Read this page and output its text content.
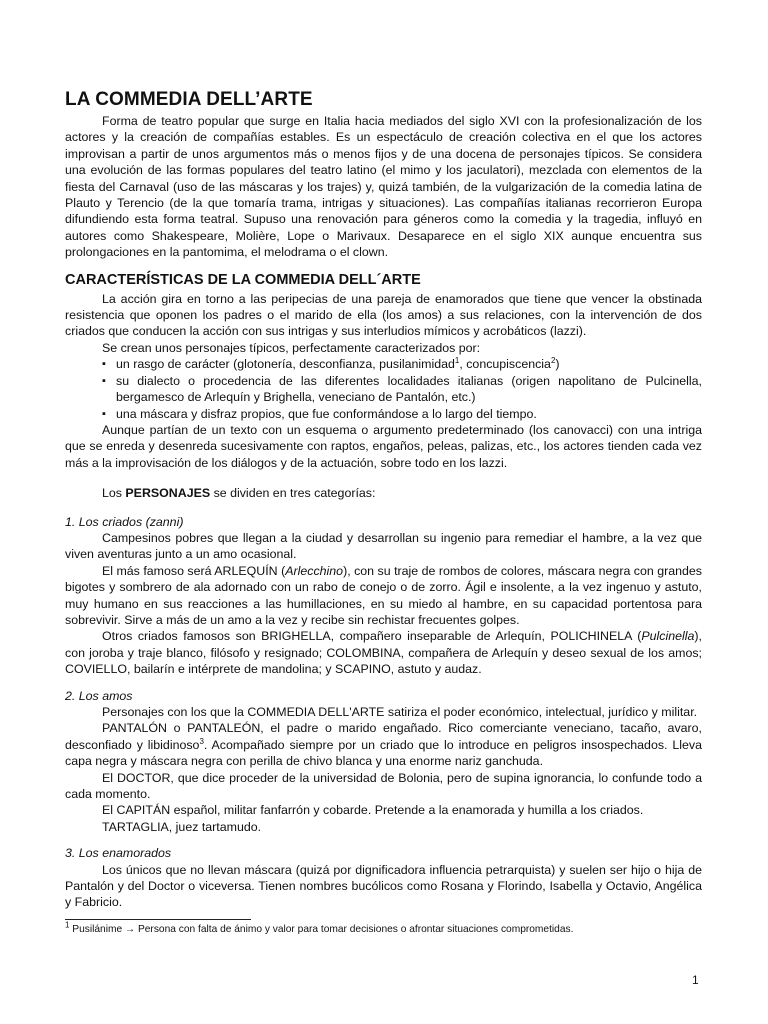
LA COMMEDIA DELL’ARTE

Forma de teatro popular que surge en Italia hacia mediados del siglo XVI con la profesionalización de los actores y la creación de compañías estables. Es un espectáculo de creación colectiva en el que los actores improvisan a partir de unos argumentos más o menos fijos y de una docena de personajes típicos. Se considera una evolución de las formas populares del teatro latino (el mimo y los jaculatori), mezclada con elementos de la fiesta del Carnaval (uso de las máscaras y los trajes) y, quizá también, de la vulgarización de la comedia latina de Plauto y Terencio (de la que tomaría trama, intrigas y situaciones). Las compañías italianas recorrieron Europa difundiendo esta forma teatral. Supuso una renovación para géneros como la comedia y la tragedia, influyó en autores como Shakespeare, Molière, Lope o Marivaux. Desaparece en el siglo XIX aunque encuentra sus prolongaciones en la pantomima, el melodrama o el clown.

CARACTERÍSTICAS DE LA COMMEDIA DELL´ARTE

La acción gira en torno a las peripecias de una pareja de enamorados que tiene que vencer la obstinada resistencia que oponen los padres o el marido de ella (los amos) a sus relaciones, con la intervención de dos criados que conducen la acción con sus intrigas y sus interludios mímicos y acrobáticos (lazzi).

Se crean unos personajes típicos, perfectamente caracterizados por:

▪ un rasgo de carácter (glotonería, desconfianza, pusilanimidad$^1$, concupiscencia$^2$)
▪ su dialecto o procedencia de las diferentes localidades italianas (origen napolitano de Pulcinella, bergamesco de Arlequín y Brighella, veneciano de Pantalón, etc.)
▪ una máscara y disfraz propios, que fue conformándose a lo largo del tiempo.

Aunque partían de un texto con un esquema o argumento predeterminado (los canovacci) con una intriga que se enreda y desenreda sucesivamente con raptos, engaños, peleas, palizas, etc., los actores tienden cada vez más a la improvisación de los diálogos y de la actuación, sobre todo en los lazzi.

Los PERSONAJES se dividen en tres categorías:

1. Los criados (zanni)

Campesinos pobres que llegan a la ciudad y desarrollan su ingenio para remediar el hambre, a la vez que viven aventuras junto a un amo ocasional.

El más famoso será ARLEQUÍN (Arlecchino), con su traje de rombos de colores, máscara negra con grandes bigotes y sombrero de ala adornado con un rabo de conejo o de zorro. Ágil e insolente, a la vez ingenuo y astuto, muy humano en sus reacciones a las humillaciones, en su miedo al hambre, en su capacidad portentosa para sobrevivir. Sirve a más de un amo a la vez y recibe sin rechistar frecuentes golpes.

Otros criados famosos son BRIGHELLA, compañero inseparable de Arlequín, POLICHINELA (Pulcinella), con joroba y traje blanco, filósofo y resignado; COLOMBINA, compañera de Arlequín y deseo sexual de los amos; COVIELLO, bailarín e intérprete de mandolina; y SCAPINO, astuto y audaz.

2. Los amos

Personajes con los que la COMMEDIA DELL'ARTE satiriza el poder económico, intelectual, jurídico y militar.

PANTALÓN o PANTALEÓN, el padre o marido engañado. Rico comerciante veneciano, tacaño, avaro, desconfiado y libidinoso$^3$. Acompañado siempre por un criado que lo introduce en peligros insospechados. Lleva capa negra y máscara negra con perilla de chivo blanca y una enorme nariz ganchuda.

El DOCTOR, que dice proceder de la universidad de Bolonia, pero de supina ignorancia, lo confunde todo a cada momento.

El CAPITÁN español, militar fanfarrón y cobarde. Pretende a la enamorada y humilla a los criados.

TARTAGLIA, juez tartamudo.

3. Los enamorados

Los únicos que no llevan máscara (quizá por dignificadora influencia petrarquista) y suelen ser hijo o hija de Pantalón y del Doctor o viceversa. Tienen nombres bucólicos como Rosana y Florindo, Isabella y Octavio, Angélica y Fabricio.

$^1$ Pusilánime → Persona con falta de ánimo y valor para tomar decisiones o afrontar situaciones comprometidas.

1
